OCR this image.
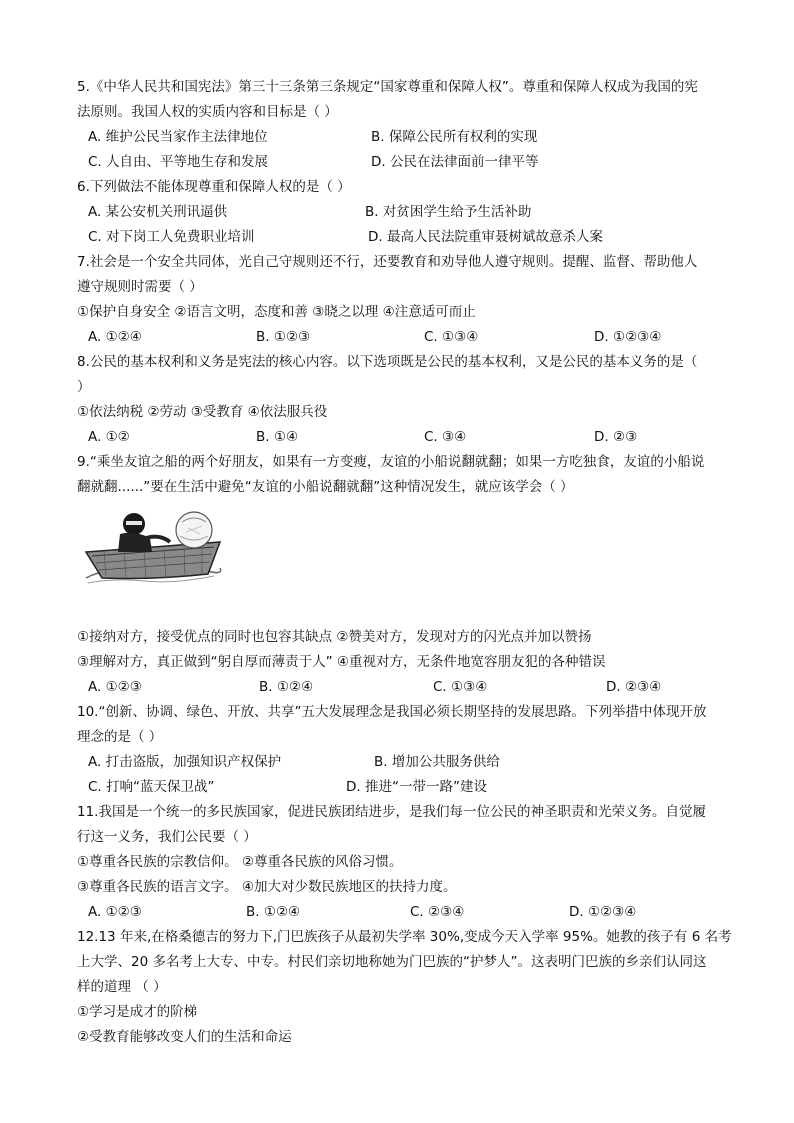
5.《中华人民共和国宪法》第三十三条第三条规定“国家尊重和保障人权”。尊重和保障人权成为我国的宪
法原则。我国人权的实质内容和目标是（ ）
A. 维护公民当家作主法律地位	B. 保障公民所有权利的实现
C. 人自由、平等地生存和发展	D. 公民在法律面前一律平等
6.下列做法不能体现尊重和保障人权的是（ ）
A. 某公安机关刑讯逼供	B. 对贫困学生给予生活补助
C. 对下岗工人免费职业培训	D. 最高人民法院重审聂树斌故意杀人案
7.社会是一个安全共同体，光自己守规则还不行，还要教育和劝导他人遵守规则。提醒、监督、帮助他人
遵守规则时需要（ ）
①保护自身安全 ②语言文明，态度和善 ③晓之以理 ④注意适可而止
A. ①②④	B. ①②③	C. ①③④	D. ①②③④
8.公民的基本权利和义务是宪法的核心内容。以下选项既是公民的基本权利，又是公民的基本义务的是（
）
①依法纳税 ②劳动 ③受教育 ④依法服兵役
A. ①②	B. ①④	C. ③④	D. ②③
9.“乘坐友谊之船的两个好朋友，如果有一方变瘦，友谊的小船说翻就翻；如果一方吃独食，友谊的小船说
翻就翻......”要在生活中避免“友谊的小船说翻就翻”这种情况发生，就应该学会（ ）
①接纳对方，接受优点的同时也包容其缺点 ②赞美对方，发现对方的闪光点并加以赞扬
③理解对方，真正做到“躬自厚而薄责于人” ④重视对方，无条件地宽容朋友犯的各种错误
A. ①②③	B. ①②④	C. ①③④	D. ②③④
10.“创新、协调、绿色、开放、共享”五大发展理念是我国必须长期坚持的发展思路。下列举措中体现开放
理念的是（ ）
A. 打击盗版，加强知识产权保护	B. 增加公共服务供给
C. 打响“蓝天保卫战”	D. 推进“一带一路”建设
11.我国是一个统一的多民族国家，促进民族团结进步，是我们每一位公民的神圣职责和光荣义务。自觉履
行这一义务，我们公民要（ ）
①尊重各民族的宗教信仰。 ②尊重各民族的风俗习惯。
③尊重各民族的语言文字。 ④加大对少数民族地区的扶持力度。
A. ①②③	B. ①②④	C. ②③④	D. ①②③④
12.13 年来,在格桑德吉的努力下,门巴族孩子从最初失学率 30%,变成今天入学率 95%。她教的孩子有 6 名考
上大学、20 多名考上大专、中专。村民们亲切地称她为门巴族的“护梦人”。这表明门巴族的乡亲们认同这
样的道理 （ ）
①学习是成才的阶梯
②受教育能够改变人们的生活和命运
